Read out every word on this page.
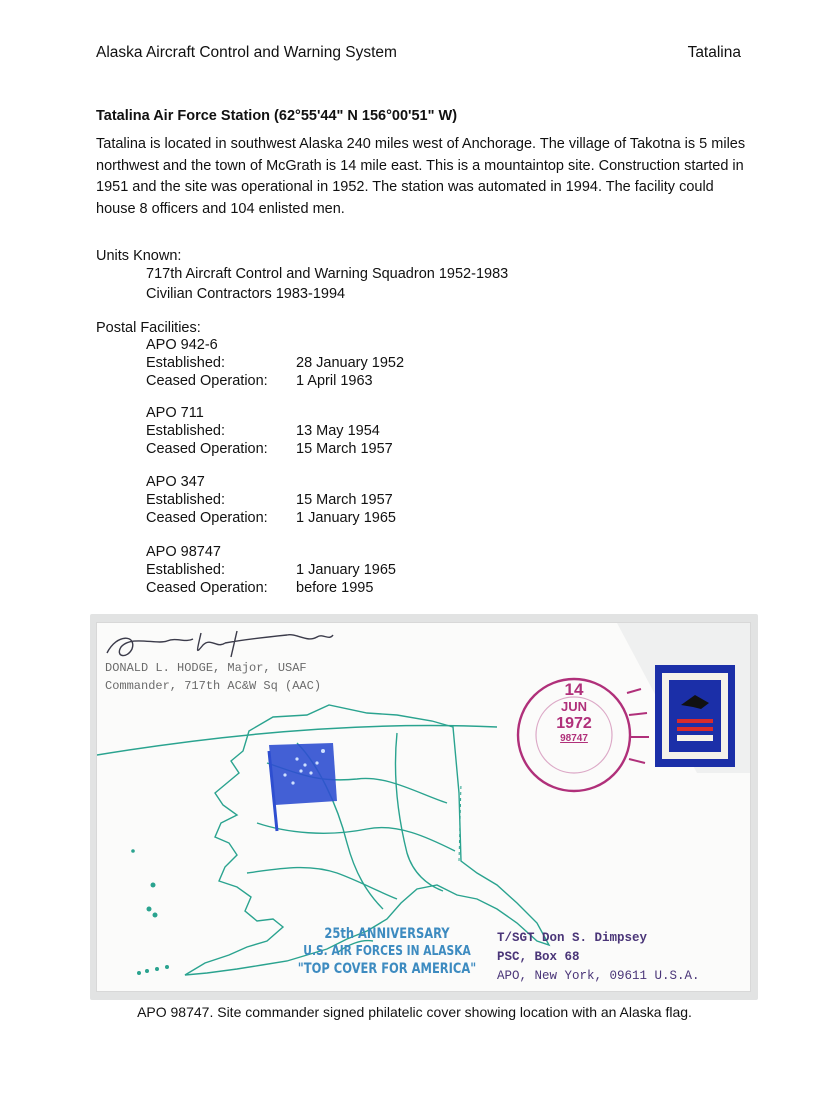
Alaska Aircraft Control and Warning System	Tatalina
Tatalina Air Force Station (62°55'44" N 156°00'51" W)

Tatalina is located in southwest Alaska 240 miles west of Anchorage. The village of Takotna is 5 miles northwest and the town of McGrath is 14 mile east. This is a mountaintop site. Construction started in 1951 and the site was operational in 1952. The station was automated in 1994. The facility could house 8 officers and 104 enlisted men.

Units Known:
717th Aircraft Control and Warning Squadron 1952-1983
Civilian Contractors 1983-1994
Postal Facilities:
APO 942-6
Established:	28 January 1952
Ceased Operation:	1 April 1963
APO 711
Established:	13 May 1954
Ceased Operation:	15 March 1957
APO 347
Established:	15 March 1957
Ceased Operation:	1 January 1965
APO 98747
Established:	1 January 1965
Ceased Operation:	before 1995
DONALD L. HODGE, Major, USAF
Commander, 717th AC&W Sq (AAC)	14
JUN
1972
98747
25th ANNIVERSARY
U.S. AIR FORCES IN ALASKA
"TOP COVER FOR AMERICA"
T/SGT Don S. Dimpsey
PSC, Box 68
APO, New York, 09611 U.S.A.
APO 98747. Site commander signed philatelic cover showing location with an Alaska flag.
